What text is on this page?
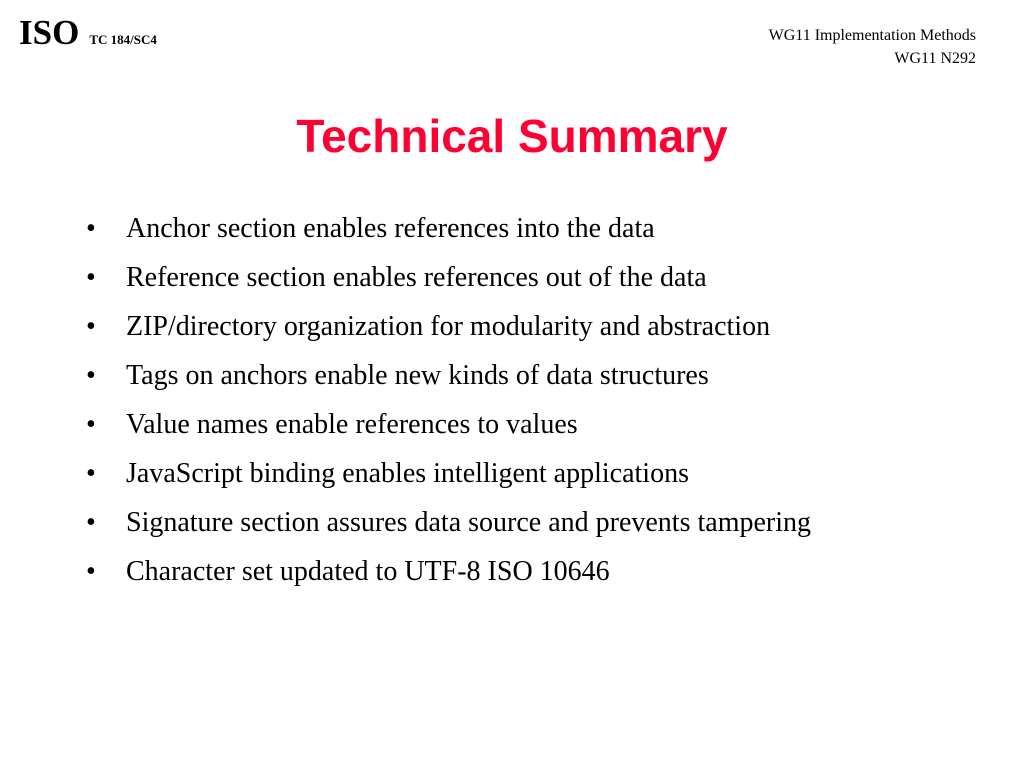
ISO TC 184/SC4	WG11 Implementation Methods
WG11 N292
Technical Summary
• Anchor section enables references into the data
• Reference section enables references out of the data
• ZIP/directory organization for modularity and abstraction
• Tags on anchors enable new kinds of data structures
• Value names enable references to values
• JavaScript binding enables intelligent applications
• Signature section assures data source and prevents tampering
• Character set updated to UTF-8 ISO 10646
